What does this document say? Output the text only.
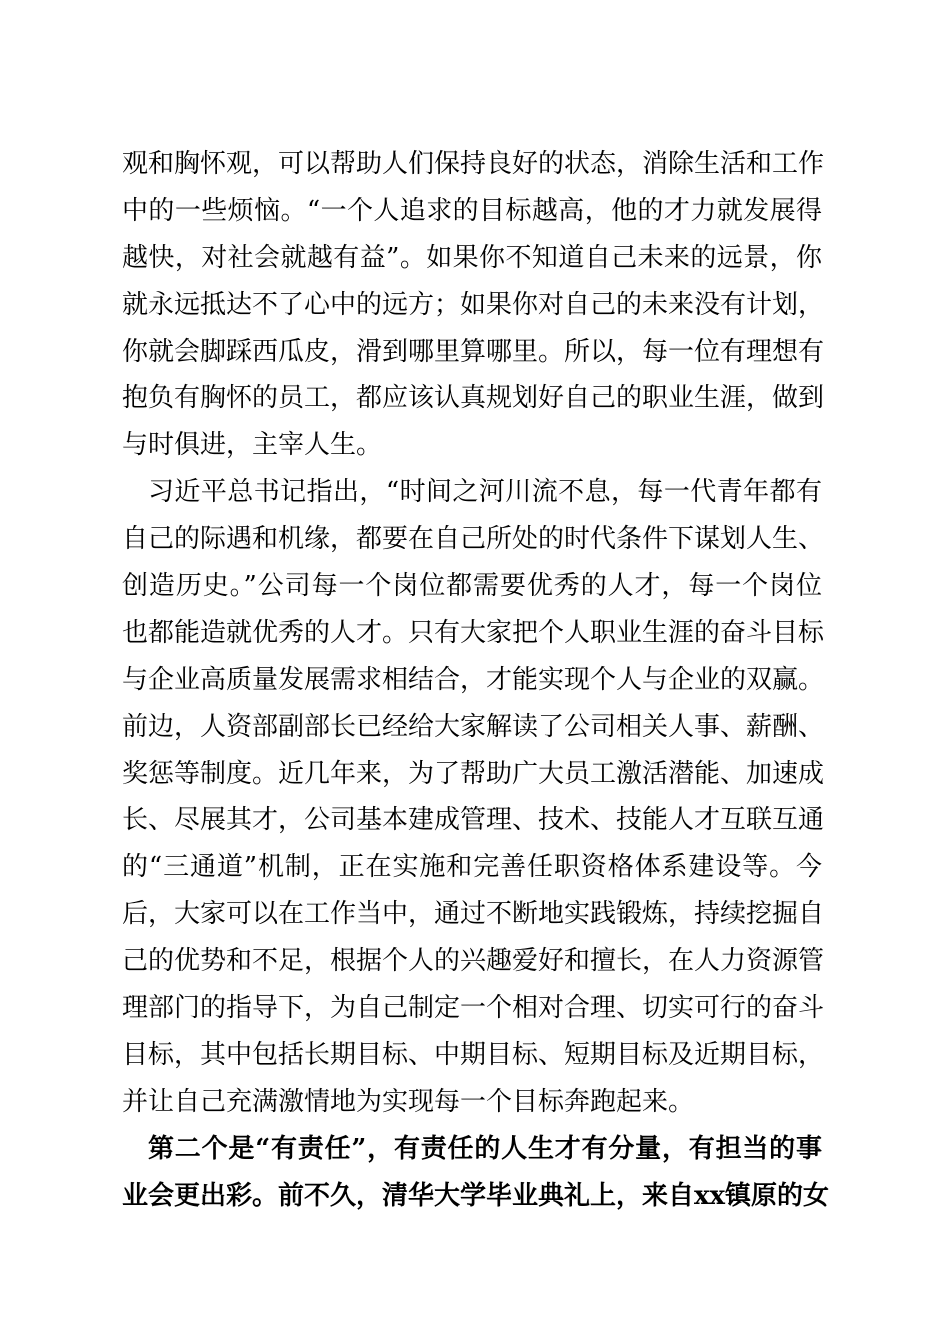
观和胸怀观，可以帮助人们保持良好的状态，消除生活和工作
中的一些烦恼。“一个人追求的目标越高，他的才力就发展得
越快，对社会就越有益”。如果你不知道自己未来的远景，你
就永远抵达不了心中的远方；如果你对自己的未来没有计划，
你就会脚踩西瓜皮，滑到哪里算哪里。所以，每一位有理想有
抱负有胸怀的员工，都应该认真规划好自己的职业生涯，做到
与时俱进，主宰人生。
习近平总书记指出，“时间之河川流不息，每一代青年都有
自己的际遇和机缘，都要在自己所处的时代条件下谋划人生、
创造历史。”公司每一个岗位都需要优秀的人才，每一个岗位
也都能造就优秀的人才。只有大家把个人职业生涯的奋斗目标
与企业高质量发展需求相结合，才能实现个人与企业的双赢。
前边，人资部副部长已经给大家解读了公司相关人事、薪酬、
奖惩等制度。近几年来，为了帮助广大员工激活潜能、加速成
长、尽展其才，公司基本建成管理、技术、技能人才互联互通
的“三通道”机制，正在实施和完善任职资格体系建设等。今
后，大家可以在工作当中，通过不断地实践锻炼，持续挖掘自
己的优势和不足，根据个人的兴趣爱好和擅长，在人力资源管
理部门的指导下，为自己制定一个相对合理、切实可行的奋斗
目标，其中包括长期目标、中期目标、短期目标及近期目标，
并让自己充满激情地为实现每一个目标奔跑起来。
第二个是“有责任”，有责任的人生才有分量，有担当的事
业会更出彩。前不久，清华大学毕业典礼上，来自xx镇原的女
